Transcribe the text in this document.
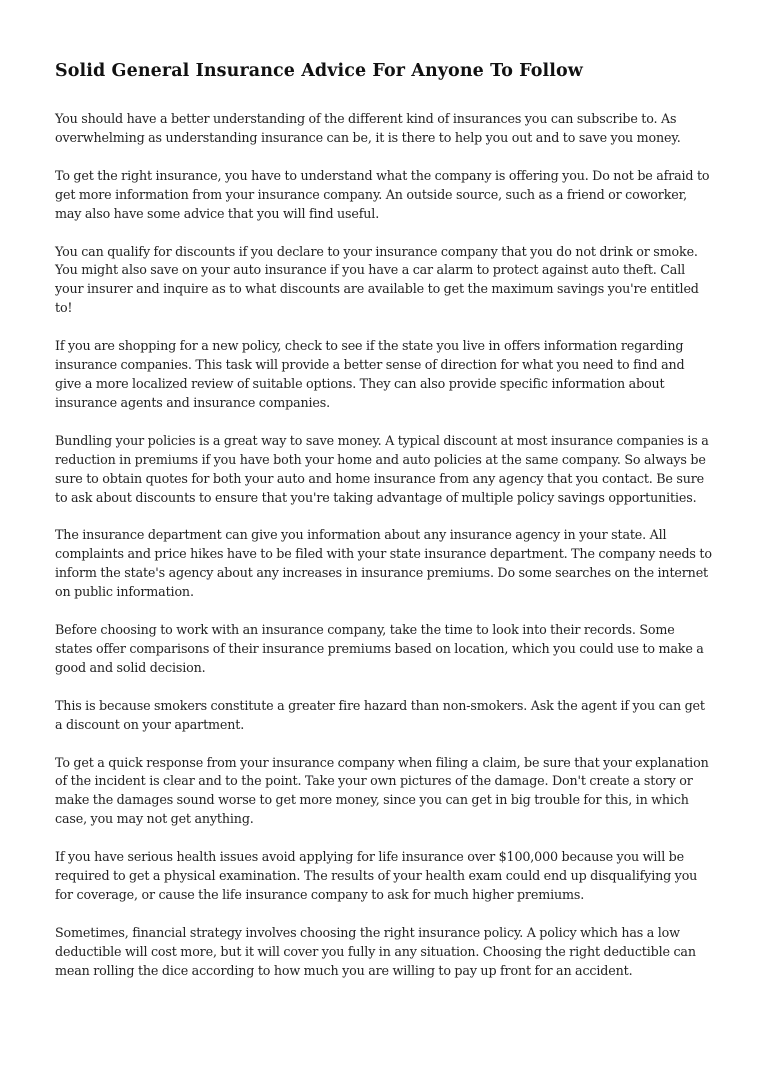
Solid General Insurance Advice For Anyone To Follow

You should have a better understanding of the different kind of insurances you can subscribe to. As overwhelming as understanding insurance can be, it is there to help you out and to save you money.

To get the right insurance, you have to understand what the company is offering you. Do not be afraid to get more information from your insurance company. An outside source, such as a friend or coworker, may also have some advice that you will find useful.

You can qualify for discounts if you declare to your insurance company that you do not drink or smoke. You might also save on your auto insurance if you have a car alarm to protect against auto theft. Call your insurer and inquire as to what discounts are available to get the maximum savings you're entitled to!

If you are shopping for a new policy, check to see if the state you live in offers information regarding insurance companies. This task will provide a better sense of direction for what you need to find and give a more localized review of suitable options. They can also provide specific information about insurance agents and insurance companies.

Bundling your policies is a great way to save money. A typical discount at most insurance companies is a reduction in premiums if you have both your home and auto policies at the same company. So always be sure to obtain quotes for both your auto and home insurance from any agency that you contact. Be sure to ask about discounts to ensure that you're taking advantage of multiple policy savings opportunities.

The insurance department can give you information about any insurance agency in your state. All complaints and price hikes have to be filed with your state insurance department. The company needs to inform the state's agency about any increases in insurance premiums. Do some searches on the internet on public information.

Before choosing to work with an insurance company, take the time to look into their records. Some states offer comparisons of their insurance premiums based on location, which you could use to make a good and solid decision.

This is because smokers constitute a greater fire hazard than non-smokers. Ask the agent if you can get a discount on your apartment.

To get a quick response from your insurance company when filing a claim, be sure that your explanation of the incident is clear and to the point. Take your own pictures of the damage. Don't create a story or make the damages sound worse to get more money, since you can get in big trouble for this, in which case, you may not get anything.

If you have serious health issues avoid applying for life insurance over $100,000 because you will be required to get a physical examination. The results of your health exam could end up disqualifying you for coverage, or cause the life insurance company to ask for much higher premiums.

Sometimes, financial strategy involves choosing the right insurance policy. A policy which has a low deductible will cost more, but it will cover you fully in any situation. Choosing the right deductible can mean rolling the dice according to how much you are willing to pay up front for an accident.
